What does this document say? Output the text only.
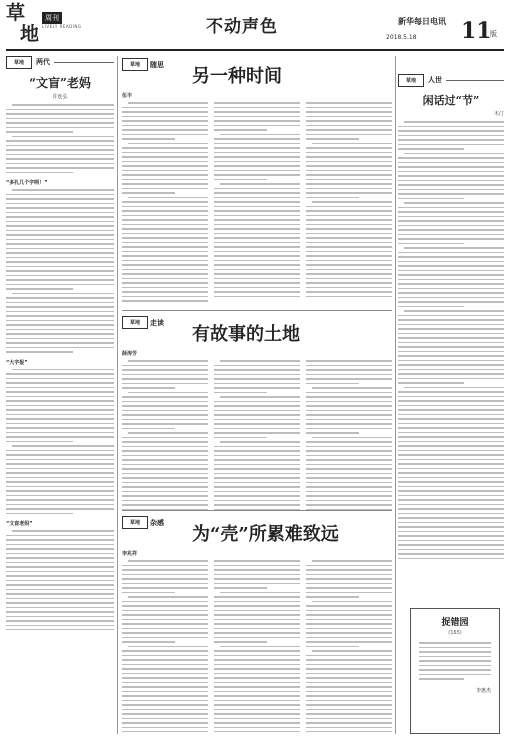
草
地
周刊
LIVELY READING	不动声色	新华每日电讯
2018.5.18 11
版
草地	两代
“文盲”老妈
许连弘
“多扎几个字呗！”
“大字报”
“文盲老妈”
草地	随思
另一种时间
伍丰
草地	走读
有故事的土地
薛涛芳
草地	杂感
为“壳”所累难致远
李兆祥
草地	人世
闲话过“节”
木汀
捉错园
(165)
李惠杰
